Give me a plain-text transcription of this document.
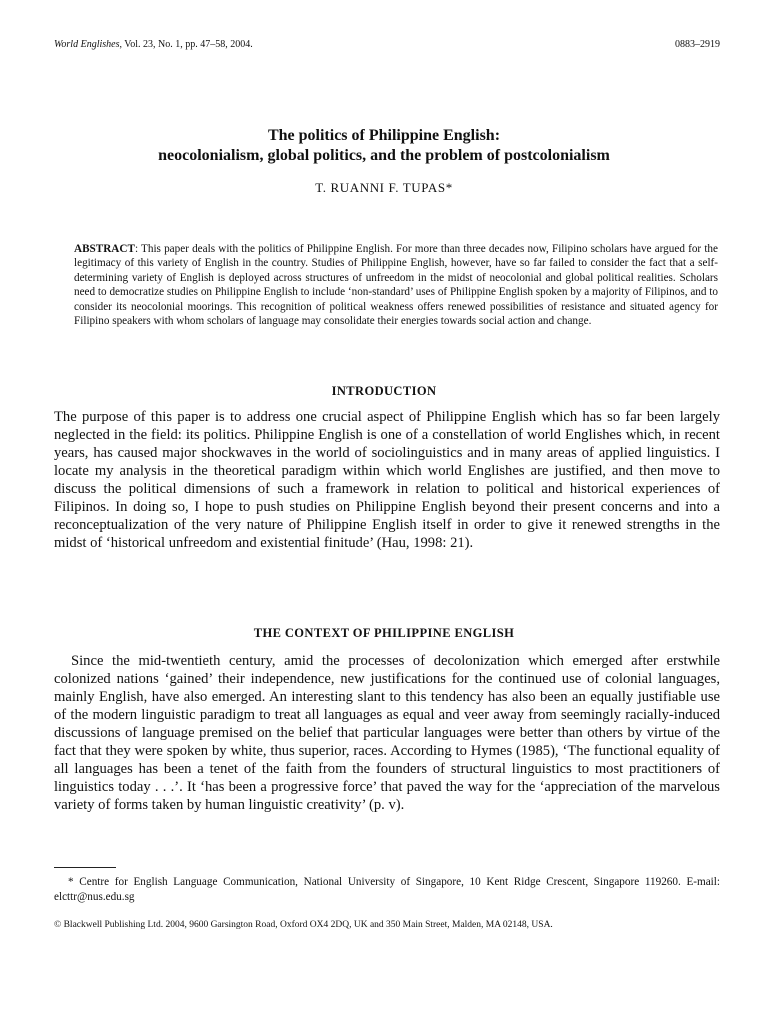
World Englishes, Vol. 23, No. 1, pp. 47–58, 2004.	0883–2919
The politics of Philippine English:
neocolonialism, global politics, and the problem of postcolonialism
T. RUANNI F. TUPAS*
ABSTRACT: This paper deals with the politics of Philippine English. For more than three decades now, Filipino scholars have argued for the legitimacy of this variety of English in the country. Studies of Philippine English, however, have so far failed to consider the fact that a self-determining variety of English is deployed across structures of unfreedom in the midst of neocolonial and global political realities. Scholars need to democratize studies on Philippine English to include ‘non-standard’ uses of Philippine English spoken by a majority of Filipinos, and to consider its neocolonial moorings. This recognition of political weakness offers renewed possibilities of resistance and situated agency for Filipino speakers with whom scholars of language may consolidate their energies towards social action and change.
INTRODUCTION
The purpose of this paper is to address one crucial aspect of Philippine English which has so far been largely neglected in the field: its politics. Philippine English is one of a constellation of world Englishes which, in recent years, has caused major shockwaves in the world of sociolinguistics and in many areas of applied linguistics. I locate my analysis in the theoretical paradigm within which world Englishes are justified, and then move to discuss the political dimensions of such a framework in relation to political and historical experiences of Filipinos. In doing so, I hope to push studies on Philippine English beyond their present concerns and into a reconceptualization of the very nature of Philippine English itself in order to give it renewed strengths in the midst of ‘historical unfreedom and existential finitude’ (Hau, 1998: 21).
THE CONTEXT OF PHILIPPINE ENGLISH
Since the mid-twentieth century, amid the processes of decolonization which emerged after erstwhile colonized nations ‘gained’ their independence, new justifications for the continued use of colonial languages, mainly English, have also emerged. An interesting slant to this tendency has also been an equally justifiable use of the modern linguistic paradigm to treat all languages as equal and veer away from seemingly racially-induced discussions of language premised on the belief that particular languages were better than others by virtue of the fact that they were spoken by white, thus superior, races. According to Hymes (1985), ‘The functional equality of all languages has been a tenet of the faith from the founders of structural linguistics to most practitioners of linguistics today . . .’. It ‘has been a progressive force’ that paved the way for the ‘appreciation of the marvelous variety of forms taken by human linguistic creativity’ (p. v).
* Centre for English Language Communication, National University of Singapore, 10 Kent Ridge Crescent, Singapore 119260. E-mail: elcttr@nus.edu.sg
© Blackwell Publishing Ltd. 2004, 9600 Garsington Road, Oxford OX4 2DQ, UK and 350 Main Street, Malden, MA 02148, USA.
